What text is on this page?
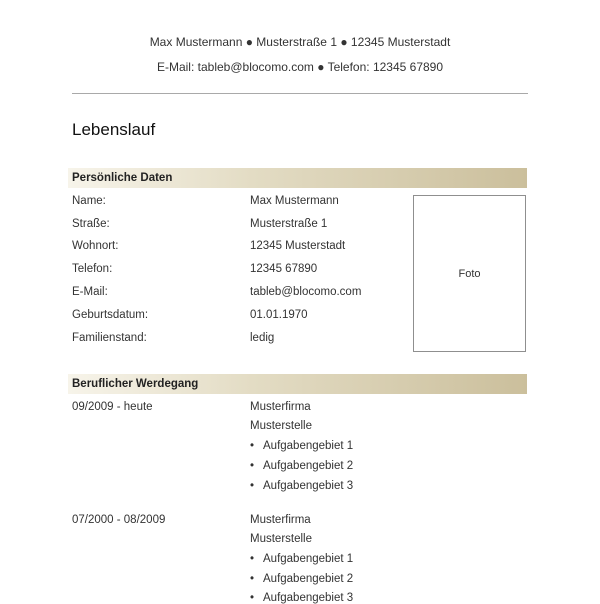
Max Mustermann ● Musterstraße 1 ● 12345 Musterstadt
E-Mail: tableb@blocomo.com ● Telefon: 12345 67890
Lebenslauf
Persönliche Daten
Name:	Max Mustermann
Straße:	Musterstraße 1
Wohnort:	12345 Musterstadt
Telefon:	12345 67890
E-Mail:	tableb@blocomo.com
Geburtsdatum:	01.01.1970
Familienstand:	ledig
Foto
Beruflicher Werdegang
09/2009 - heute	Musterfirma
Musterstelle
• Aufgabengebiet 1
• Aufgabengebiet 2
• Aufgabengebiet 3
07/2000 - 08/2009	Musterfirma
Musterstelle
• Aufgabengebiet 1
• Aufgabengebiet 2
• Aufgabengebiet 3
